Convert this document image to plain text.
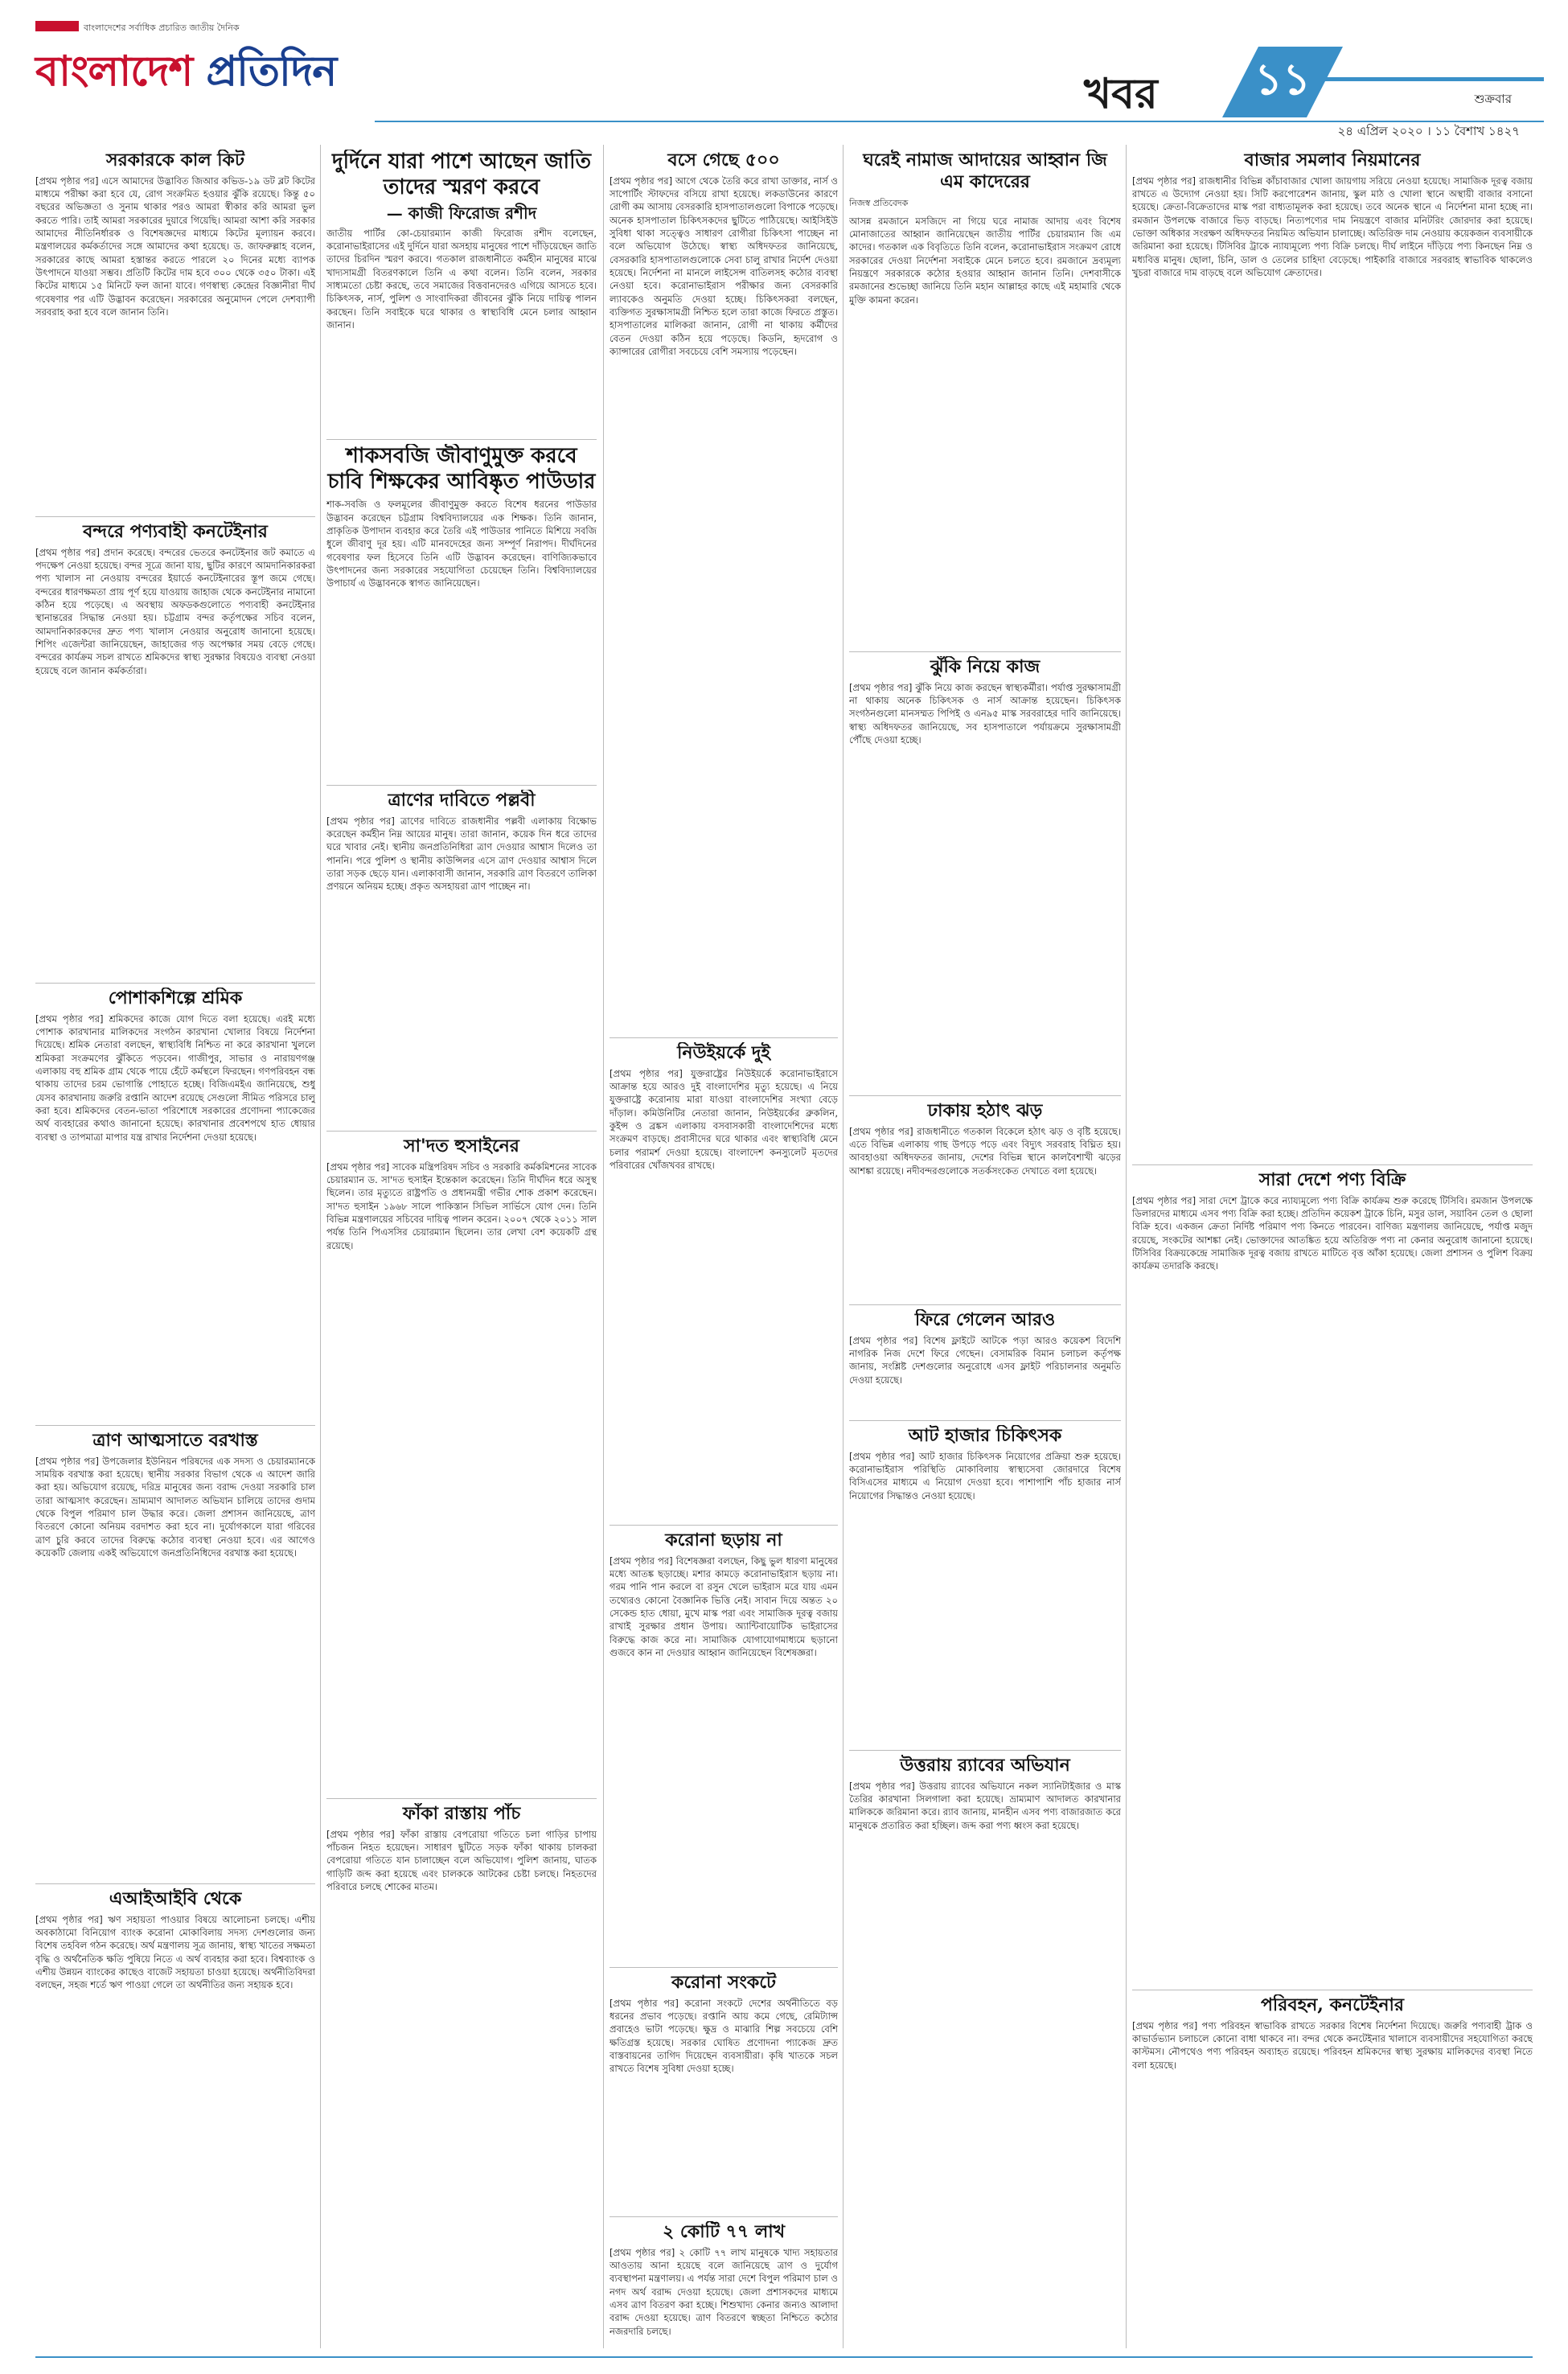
বাংলাদেশের সর্বাধিক প্রচারিত জাতীয় দৈনিক
বাংলাদেশ প্রতিদিন	খবর	১১	শুক্রবার
২৪ এপ্রিল ২০২০ । ১১ বৈশাখ ১৪২৭
সরকারকে কাল কিট

[প্রথম পৃষ্ঠার পর] এসে আমাদের উদ্ভাবিত জিআর কভিড-১৯ ডট ব্লট কিটের মাধ্যমে পরীক্ষা করা হবে যে, রোগ সংক্রমিত হওয়ার ঝুঁকি রয়েছে। কিন্তু ৫০ বছরের অভিজ্ঞতা ও সুনাম থাকার পরও আমরা স্বীকার করি আমরা ভুল করতে পারি। তাই আমরা সরকারের দুয়ারে গিয়েছি। আমরা আশা করি সরকার আমাদের নীতিনির্ধারক ও বিশেষজ্ঞদের মাধ্যমে কিটের মূল্যায়ন করবে। মন্ত্রণালয়ের কর্মকর্তাদের সঙ্গে আমাদের কথা হয়েছে। ড. জাফরুল্লাহ বলেন, সরকারের কাছে আমরা হস্তান্তর করতে পারলে ২০ দিনের মধ্যে ব্যাপক উৎপাদনে যাওয়া সম্ভব। প্রতিটি কিটের দাম হবে ৩০০ থেকে ৩৫০ টাকা। এই কিটের মাধ্যমে ১৫ মিনিটে ফল জানা যাবে। গণস্বাস্থ্য কেন্দ্রের বিজ্ঞানীরা দীর্ঘ গবেষণার পর এটি উদ্ভাবন করেছেন। সরকারের অনুমোদন পেলে দেশব্যাপী সরবরাহ করা হবে বলে জানান তিনি।

বন্দরে পণ্যবাহী কনটেইনার

[প্রথম পৃষ্ঠার পর] প্রদান করেছে। বন্দরের ভেতরে কনটেইনার জট কমাতে এ পদক্ষেপ নেওয়া হয়েছে। বন্দর সূত্রে জানা যায়, ছুটির কারণে আমদানিকারকরা পণ্য খালাস না নেওয়ায় বন্দরের ইয়ার্ডে কনটেইনারের স্তূপ জমে গেছে। বন্দরের ধারণক্ষমতা প্রায় পূর্ণ হয়ে যাওয়ায় জাহাজ থেকে কনটেইনার নামানো কঠিন হয়ে পড়েছে। এ অবস্থায় অফডকগুলোতে পণ্যবাহী কনটেইনার স্থানান্তরের সিদ্ধান্ত নেওয়া হয়। চট্টগ্রাম বন্দর কর্তৃপক্ষের সচিব বলেন, আমদানিকারকদের দ্রুত পণ্য খালাস নেওয়ার অনুরোধ জানানো হয়েছে। শিপিং এজেন্টরা জানিয়েছেন, জাহাজের গড় অপেক্ষার সময় বেড়ে গেছে। বন্দরের কার্যক্রম সচল রাখতে শ্রমিকদের স্বাস্থ্য সুরক্ষার বিষয়েও ব্যবস্থা নেওয়া হয়েছে বলে জানান কর্মকর্তারা।

পোশাকশিল্পে শ্রমিক

[প্রথম পৃষ্ঠার পর] শ্রমিকদের কাজে যোগ দিতে বলা হয়েছে। এরই মধ্যে পোশাক কারখানার মালিকদের সংগঠন কারখানা খোলার বিষয়ে নির্দেশনা দিয়েছে। শ্রমিক নেতারা বলছেন, স্বাস্থ্যবিধি নিশ্চিত না করে কারখানা খুললে শ্রমিকরা সংক্রমণের ঝুঁকিতে পড়বেন। গাজীপুর, সাভার ও নারায়ণগঞ্জ এলাকায় বহু শ্রমিক গ্রাম থেকে পায়ে হেঁটে কর্মস্থলে ফিরছেন। গণপরিবহন বন্ধ থাকায় তাদের চরম ভোগান্তি পোহাতে হচ্ছে। বিজিএমইএ জানিয়েছে, শুধু যেসব কারখানায় জরুরি রপ্তানি আদেশ রয়েছে সেগুলো সীমিত পরিসরে চালু করা হবে। শ্রমিকদের বেতন-ভাতা পরিশোধে সরকারের প্রণোদনা প্যাকেজের অর্থ ব্যবহারের কথাও জানানো হয়েছে। কারখানার প্রবেশপথে হাত ধোয়ার ব্যবস্থা ও তাপমাত্রা মাপার যন্ত্র রাখার নির্দেশনা দেওয়া হয়েছে।

ত্রাণ আত্মসাতে বরখাস্ত

[প্রথম পৃষ্ঠার পর] উপজেলার ইউনিয়ন পরিষদের এক সদস্য ও চেয়ারম্যানকে সাময়িক বরখাস্ত করা হয়েছে। স্থানীয় সরকার বিভাগ থেকে এ আদেশ জারি করা হয়। অভিযোগ রয়েছে, দরিদ্র মানুষের জন্য বরাদ্দ দেওয়া সরকারি চাল তারা আত্মসাৎ করেছেন। ভ্রাম্যমাণ আদালত অভিযান চালিয়ে তাদের গুদাম থেকে বিপুল পরিমাণ চাল উদ্ধার করে। জেলা প্রশাসন জানিয়েছে, ত্রাণ বিতরণে কোনো অনিয়ম বরদাশত করা হবে না। দুর্যোগকালে যারা গরিবের ত্রাণ চুরি করবে তাদের বিরুদ্ধে কঠোর ব্যবস্থা নেওয়া হবে। এর আগেও কয়েকটি জেলায় একই অভিযোগে জনপ্রতিনিধিদের বরখাস্ত করা হয়েছে।

এআইআইবি থেকে

[প্রথম পৃষ্ঠার পর] ঋণ সহায়তা পাওয়ার বিষয়ে আলোচনা চলছে। এশীয় অবকাঠামো বিনিয়োগ ব্যাংক করোনা মোকাবিলায় সদস্য দেশগুলোর জন্য বিশেষ তহবিল গঠন করেছে। অর্থ মন্ত্রণালয় সূত্র জানায়, স্বাস্থ্য খাতের সক্ষমতা বৃদ্ধি ও অর্থনৈতিক ক্ষতি পুষিয়ে নিতে এ অর্থ ব্যবহার করা হবে। বিশ্বব্যাংক ও এশীয় উন্নয়ন ব্যাংকের কাছেও বাজেট সহায়তা চাওয়া হয়েছে। অর্থনীতিবিদরা বলছেন, সহজ শর্তে ঋণ পাওয়া গেলে তা অর্থনীতির জন্য সহায়ক হবে।

দুর্দিনে যারা পাশে আছেন জাতি তাদের স্মরণ করবে
— কাজী ফিরোজ রশীদ

জাতীয় পার্টির কো-চেয়ারম্যান কাজী ফিরোজ রশীদ বলেছেন, করোনাভাইরাসের এই দুর্দিনে যারা অসহায় মানুষের পাশে দাঁড়িয়েছেন জাতি তাদের চিরদিন স্মরণ করবে। গতকাল রাজধানীতে কর্মহীন মানুষের মাঝে খাদ্যসামগ্রী বিতরণকালে তিনি এ কথা বলেন। তিনি বলেন, সরকার সাধ্যমতো চেষ্টা করছে, তবে সমাজের বিত্তবানদেরও এগিয়ে আসতে হবে। চিকিৎসক, নার্স, পুলিশ ও সাংবাদিকরা জীবনের ঝুঁকি নিয়ে দায়িত্ব পালন করছেন। তিনি সবাইকে ঘরে থাকার ও স্বাস্থ্যবিধি মেনে চলার আহ্বান জানান।

শাকসবজি জীবাণুমুক্ত করবে চাবি শিক্ষকের আবিষ্কৃত পাউডার

শাক-সবজি ও ফলমূলের জীবাণুমুক্ত করতে বিশেষ ধরনের পাউডার উদ্ভাবন করেছেন চট্টগ্রাম বিশ্ববিদ্যালয়ের এক শিক্ষক। তিনি জানান, প্রাকৃতিক উপাদান ব্যবহার করে তৈরি এই পাউডার পানিতে মিশিয়ে সবজি ধুলে জীবাণু দূর হয়। এটি মানবদেহের জন্য সম্পূর্ণ নিরাপদ। দীর্ঘদিনের গবেষণার ফল হিসেবে তিনি এটি উদ্ভাবন করেছেন। বাণিজ্যিকভাবে উৎপাদনের জন্য সরকারের সহযোগিতা চেয়েছেন তিনি। বিশ্ববিদ্যালয়ের উপাচার্য এ উদ্ভাবনকে স্বাগত জানিয়েছেন।

ত্রাণের দাবিতে পল্লবী

[প্রথম পৃষ্ঠার পর] ত্রাণের দাবিতে রাজধানীর পল্লবী এলাকায় বিক্ষোভ করেছেন কর্মহীন নিম্ন আয়ের মানুষ। তারা জানান, কয়েক দিন ধরে তাদের ঘরে খাবার নেই। স্থানীয় জনপ্রতিনিধিরা ত্রাণ দেওয়ার আশ্বাস দিলেও তা পাননি। পরে পুলিশ ও স্থানীয় কাউন্সিলর এসে ত্রাণ দেওয়ার আশ্বাস দিলে তারা সড়ক ছেড়ে যান। এলাকাবাসী জানান, সরকারি ত্রাণ বিতরণে তালিকা প্রণয়নে অনিয়ম হচ্ছে। প্রকৃত অসহায়রা ত্রাণ পাচ্ছেন না।

সা'দত হুসাইনের

[প্রথম পৃষ্ঠার পর] সাবেক মন্ত্রিপরিষদ সচিব ও সরকারি কর্মকমিশনের সাবেক চেয়ারম্যান ড. সা'দত হুসাইন ইন্তেকাল করেছেন। তিনি দীর্ঘদিন ধরে অসুস্থ ছিলেন। তার মৃত্যুতে রাষ্ট্রপতি ও প্রধানমন্ত্রী গভীর শোক প্রকাশ করেছেন। সা'দত হুসাইন ১৯৬৮ সালে পাকিস্তান সিভিল সার্ভিসে যোগ দেন। তিনি বিভিন্ন মন্ত্রণালয়ের সচিবের দায়িত্ব পালন করেন। ২০০৭ থেকে ২০১১ সাল পর্যন্ত তিনি পিএসসির চেয়ারম্যান ছিলেন। তার লেখা বেশ কয়েকটি গ্রন্থ রয়েছে।

ফাঁকা রাস্তায় পাঁচ

[প্রথম পৃষ্ঠার পর] ফাঁকা রাস্তায় বেপরোয়া গতিতে চলা গাড়ির চাপায় পাঁচজন নিহত হয়েছেন। সাধারণ ছুটিতে সড়ক ফাঁকা থাকায় চালকরা বেপরোয়া গতিতে যান চালাচ্ছেন বলে অভিযোগ। পুলিশ জানায়, ঘাতক গাড়িটি জব্দ করা হয়েছে এবং চালককে আটকের চেষ্টা চলছে। নিহতদের পরিবারে চলছে শোকের মাতম।

বসে গেছে ৫০০

[প্রথম পৃষ্ঠার পর] আগে থেকে তৈরি করে রাখা ডাক্তার, নার্স ও সাপোর্টিং স্টাফদের বসিয়ে রাখা হয়েছে। লকডাউনের কারণে রোগী কম আসায় বেসরকারি হাসপাতালগুলো বিপাকে পড়েছে। অনেক হাসপাতাল চিকিৎসকদের ছুটিতে পাঠিয়েছে। আইসিইউ সুবিধা থাকা সত্ত্বেও সাধারণ রোগীরা চিকিৎসা পাচ্ছেন না বলে অভিযোগ উঠেছে। স্বাস্থ্য অধিদফতর জানিয়েছে, বেসরকারি হাসপাতালগুলোকে সেবা চালু রাখার নির্দেশ দেওয়া হয়েছে। নির্দেশনা না মানলে লাইসেন্স বাতিলসহ কঠোর ব্যবস্থা নেওয়া হবে। করোনাভাইরাস পরীক্ষার জন্য বেসরকারি ল্যাবকেও অনুমতি দেওয়া হচ্ছে। চিকিৎসকরা বলছেন, ব্যক্তিগত সুরক্ষাসামগ্রী নিশ্চিত হলে তারা কাজে ফিরতে প্রস্তুত। হাসপাতালের মালিকরা জানান, রোগী না থাকায় কর্মীদের বেতন দেওয়া কঠিন হয়ে পড়েছে। কিডনি, হৃদরোগ ও ক্যান্সারের রোগীরা সবচেয়ে বেশি সমস্যায় পড়েছেন।

নিউইয়র্কে দুই

[প্রথম পৃষ্ঠার পর] যুক্তরাষ্ট্রের নিউইয়র্কে করোনাভাইরাসে আক্রান্ত হয়ে আরও দুই বাংলাদেশির মৃত্যু হয়েছে। এ নিয়ে যুক্তরাষ্ট্রে করোনায় মারা যাওয়া বাংলাদেশির সংখ্যা বেড়ে দাঁড়াল। কমিউনিটির নেতারা জানান, নিউইয়র্কের ব্রুকলিন, কুইন্স ও ব্রঙ্কস এলাকায় বসবাসকারী বাংলাদেশিদের মধ্যে সংক্রমণ বাড়ছে। প্রবাসীদের ঘরে থাকার এবং স্বাস্থ্যবিধি মেনে চলার পরামর্শ দেওয়া হয়েছে। বাংলাদেশ কনস্যুলেট মৃতদের পরিবারের খোঁজখবর রাখছে।

করোনা ছড়ায় না

[প্রথম পৃষ্ঠার পর] বিশেষজ্ঞরা বলছেন, কিছু ভুল ধারণা মানুষের মধ্যে আতঙ্ক ছড়াচ্ছে। মশার কামড়ে করোনাভাইরাস ছড়ায় না। গরম পানি পান করলে বা রসুন খেলে ভাইরাস মরে যায় এমন তথ্যেরও কোনো বৈজ্ঞানিক ভিত্তি নেই। সাবান দিয়ে অন্তত ২০ সেকেন্ড হাত ধোয়া, মুখে মাস্ক পরা এবং সামাজিক দূরত্ব বজায় রাখাই সুরক্ষার প্রধান উপায়। অ্যান্টিবায়োটিক ভাইরাসের বিরুদ্ধে কাজ করে না। সামাজিক যোগাযোগমাধ্যমে ছড়ানো গুজবে কান না দেওয়ার আহ্বান জানিয়েছেন বিশেষজ্ঞরা।

করোনা সংকটে

[প্রথম পৃষ্ঠার পর] করোনা সংকটে দেশের অর্থনীতিতে বড় ধরনের প্রভাব পড়েছে। রপ্তানি আয় কমে গেছে, রেমিট্যান্স প্রবাহেও ভাটা পড়েছে। ক্ষুদ্র ও মাঝারি শিল্প সবচেয়ে বেশি ক্ষতিগ্রস্ত হয়েছে। সরকার ঘোষিত প্রণোদনা প্যাকেজ দ্রুত বাস্তবায়নের তাগিদ দিয়েছেন ব্যবসায়ীরা। কৃষি খাতকে সচল রাখতে বিশেষ সুবিধা দেওয়া হচ্ছে।

২ কোটি ৭৭ লাখ

[প্রথম পৃষ্ঠার পর] ২ কোটি ৭৭ লাখ মানুষকে খাদ্য সহায়তার আওতায় আনা হয়েছে বলে জানিয়েছে ত্রাণ ও দুর্যোগ ব্যবস্থাপনা মন্ত্রণালয়। এ পর্যন্ত সারা দেশে বিপুল পরিমাণ চাল ও নগদ অর্থ বরাদ্দ দেওয়া হয়েছে। জেলা প্রশাসকদের মাধ্যমে এসব ত্রাণ বিতরণ করা হচ্ছে। শিশুখাদ্য কেনার জন্যও আলাদা বরাদ্দ দেওয়া হয়েছে। ত্রাণ বিতরণে স্বচ্ছতা নিশ্চিতে কঠোর নজরদারি চলছে।

ঘরেই নামাজ আদায়ের আহ্বান জি এম কাদেরের
নিজস্ব প্রতিবেদক

আসন্ন রমজানে মসজিদে না গিয়ে ঘরে নামাজ আদায় এবং বিশেষ মোনাজাতের আহ্বান জানিয়েছেন জাতীয় পার্টির চেয়ারম্যান জি এম কাদের। গতকাল এক বিবৃতিতে তিনি বলেন, করোনাভাইরাস সংক্রমণ রোধে সরকারের দেওয়া নির্দেশনা সবাইকে মেনে চলতে হবে। রমজানে দ্রব্যমূল্য নিয়ন্ত্রণে সরকারকে কঠোর হওয়ার আহ্বান জানান তিনি। দেশবাসীকে রমজানের শুভেচ্ছা জানিয়ে তিনি মহান আল্লাহর কাছে এই মহামারি থেকে মুক্তি কামনা করেন।

ঝুঁকি নিয়ে কাজ

[প্রথম পৃষ্ঠার পর] ঝুঁকি নিয়ে কাজ করছেন স্বাস্থ্যকর্মীরা। পর্যাপ্ত সুরক্ষাসামগ্রী না থাকায় অনেক চিকিৎসক ও নার্স আক্রান্ত হয়েছেন। চিকিৎসক সংগঠনগুলো মানসম্মত পিপিই ও এন৯৫ মাস্ক সরবরাহের দাবি জানিয়েছে। স্বাস্থ্য অধিদফতর জানিয়েছে, সব হাসপাতালে পর্যায়ক্রমে সুরক্ষাসামগ্রী পৌঁছে দেওয়া হচ্ছে।

ঢাকায় হঠাৎ ঝড়

[প্রথম পৃষ্ঠার পর] রাজধানীতে গতকাল বিকেলে হঠাৎ ঝড় ও বৃষ্টি হয়েছে। এতে বিভিন্ন এলাকায় গাছ উপড়ে পড়ে এবং বিদ্যুৎ সরবরাহ বিঘ্নিত হয়। আবহাওয়া অধিদফতর জানায়, দেশের বিভিন্ন স্থানে কালবৈশাখী ঝড়ের আশঙ্কা রয়েছে। নদীবন্দরগুলোকে সতর্কসংকেত দেখাতে বলা হয়েছে।

ফিরে গেলেন আরও

[প্রথম পৃষ্ঠার পর] বিশেষ ফ্লাইটে আটকে পড়া আরও কয়েকশ বিদেশি নাগরিক নিজ দেশে ফিরে গেছেন। বেসামরিক বিমান চলাচল কর্তৃপক্ষ জানায়, সংশ্লিষ্ট দেশগুলোর অনুরোধে এসব ফ্লাইট পরিচালনার অনুমতি দেওয়া হয়েছে।

আট হাজার চিকিৎসক

[প্রথম পৃষ্ঠার পর] আট হাজার চিকিৎসক নিয়োগের প্রক্রিয়া শুরু হয়েছে। করোনাভাইরাস পরিস্থিতি মোকাবিলায় স্বাস্থ্যসেবা জোরদারে বিশেষ বিসিএসের মাধ্যমে এ নিয়োগ দেওয়া হবে। পাশাপাশি পাঁচ হাজার নার্স নিয়োগের সিদ্ধান্তও নেওয়া হয়েছে।

উত্তরায় র‌্যাবের অভিযান

[প্রথম পৃষ্ঠার পর] উত্তরায় র‌্যাবের অভিযানে নকল স্যানিটাইজার ও মাস্ক তৈরির কারখানা সিলগালা করা হয়েছে। ভ্রাম্যমাণ আদালত কারখানার মালিককে জরিমানা করে। র‌্যাব জানায়, মানহীন এসব পণ্য বাজারজাত করে মানুষকে প্রতারিত করা হচ্ছিল। জব্দ করা পণ্য ধ্বংস করা হয়েছে।

বাজার সমলাব নিয়মানের

[প্রথম পৃষ্ঠার পর] রাজধানীর বিভিন্ন কাঁচাবাজার খোলা জায়গায় সরিয়ে নেওয়া হয়েছে। সামাজিক দূরত্ব বজায় রাখতে এ উদ্যোগ নেওয়া হয়। সিটি করপোরেশন জানায়, স্কুল মাঠ ও খোলা স্থানে অস্থায়ী বাজার বসানো হয়েছে। ক্রেতা-বিক্রেতাদের মাস্ক পরা বাধ্যতামূলক করা হয়েছে। তবে অনেক স্থানে এ নির্দেশনা মানা হচ্ছে না। রমজান উপলক্ষে বাজারে ভিড় বাড়ছে। নিত্যপণ্যের দাম নিয়ন্ত্রণে বাজার মনিটরিং জোরদার করা হয়েছে। ভোক্তা অধিকার সংরক্ষণ অধিদফতর নিয়মিত অভিযান চালাচ্ছে। অতিরিক্ত দাম নেওয়ায় কয়েকজন ব্যবসায়ীকে জরিমানা করা হয়েছে। টিসিবির ট্রাকে ন্যায্যমূল্যে পণ্য বিক্রি চলছে। দীর্ঘ লাইনে দাঁড়িয়ে পণ্য কিনছেন নিম্ন ও মধ্যবিত্ত মানুষ। ছোলা, চিনি, ডাল ও তেলের চাহিদা বেড়েছে। পাইকারি বাজারে সরবরাহ স্বাভাবিক থাকলেও খুচরা বাজারে দাম বাড়ছে বলে অভিযোগ ক্রেতাদের।

সারা দেশে পণ্য বিক্রি

[প্রথম পৃষ্ঠার পর] সারা দেশে ট্রাকে করে ন্যায্যমূল্যে পণ্য বিক্রি কার্যক্রম শুরু করেছে টিসিবি। রমজান উপলক্ষে ডিলারদের মাধ্যমে এসব পণ্য বিক্রি করা হচ্ছে। প্রতিদিন কয়েকশ ট্রাকে চিনি, মসুর ডাল, সয়াবিন তেল ও ছোলা বিক্রি হবে। একজন ক্রেতা নির্দিষ্ট পরিমাণ পণ্য কিনতে পারবেন। বাণিজ্য মন্ত্রণালয় জানিয়েছে, পর্যাপ্ত মজুদ রয়েছে, সংকটের আশঙ্কা নেই। ভোক্তাদের আতঙ্কিত হয়ে অতিরিক্ত পণ্য না কেনার অনুরোধ জানানো হয়েছে। টিসিবির বিক্রয়কেন্দ্রে সামাজিক দূরত্ব বজায় রাখতে মাটিতে বৃত্ত আঁকা হয়েছে। জেলা প্রশাসন ও পুলিশ বিক্রয় কার্যক্রম তদারকি করছে।

পরিবহন, কনটেইনার

[প্রথম পৃষ্ঠার পর] পণ্য পরিবহন স্বাভাবিক রাখতে সরকার বিশেষ নির্দেশনা দিয়েছে। জরুরি পণ্যবাহী ট্রাক ও কাভার্ডভ্যান চলাচলে কোনো বাধা থাকবে না। বন্দর থেকে কনটেইনার খালাসে ব্যবসায়ীদের সহযোগিতা করছে কাস্টমস। নৌপথেও পণ্য পরিবহন অব্যাহত রয়েছে। পরিবহন শ্রমিকদের স্বাস্থ্য সুরক্ষায় মালিকদের ব্যবস্থা নিতে বলা হয়েছে।
